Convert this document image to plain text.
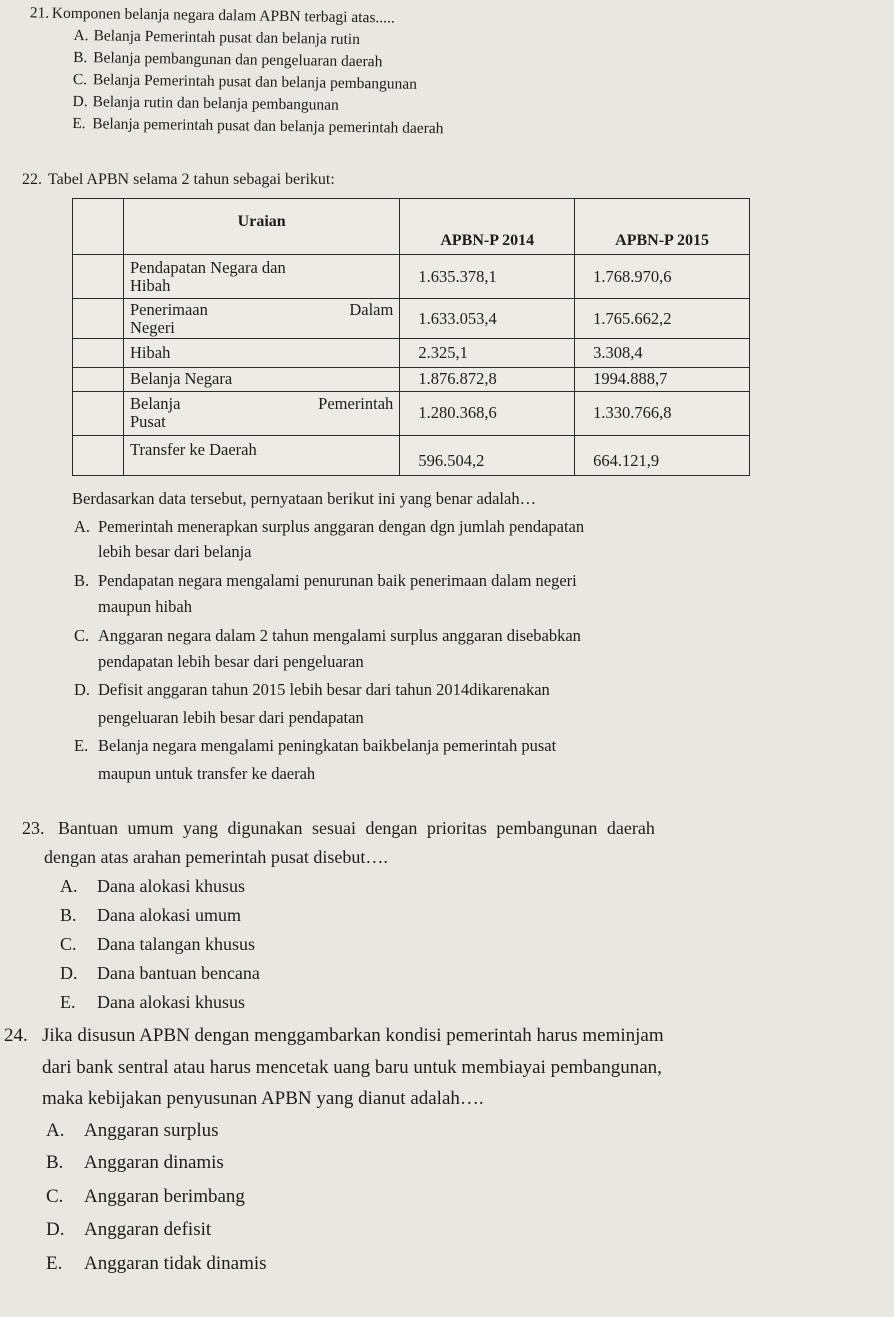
21. Komponen belanja negara dalam APBN terbagi atas.....
A. Belanja Pemerintah pusat dan belanja rutin
B. Belanja pembangunan dan pengeluaran daerah
C. Belanja Pemerintah pusat dan belanja pembangunan
D. Belanja rutin dan belanja pembangunan
E. Belanja pemerintah pusat dan belanja pemerintah daerah
22. Tabel APBN selama 2 tahun sebagai berikut:
	Uraian	APBN-P 2014	APBN-P 2015

	Pendapatan Negara dan
Hibah	1.635.378,1	1.768.970,6

	Penerimaan Dalam
Negeri	1.633.053,4	1.765.662,2
	Hibah	2.325,1	3.308,4
	Belanja Negara	1.876.872,8	1994.888,7

	Belanja Pemerintah
Pusat	1.280.368,6	1.330.766,8
	Transfer ke Daerah	596.504,2	664.121,9
Berdasarkan data tersebut, pernyataan berikut ini yang benar adalah…
A. Pemerintah menerapkan surplus anggaran dengan dgn jumlah pendapatan
lebih besar dari belanja
B. Pendapatan negara mengalami penurunan baik penerimaan dalam negeri
maupun hibah
C. Anggaran negara dalam 2 tahun mengalami surplus anggaran disebabkan
pendapatan lebih besar dari pengeluaran
D. Defisit anggaran tahun 2015 lebih besar dari tahun 2014dikarenakan
pengeluaran lebih besar dari pendapatan
E. Belanja negara mengalami peningkatan baikbelanja pemerintah pusat
maupun untuk transfer ke daerah
23. Bantuan umum yang digunakan sesuai dengan prioritas pembangunan daerah
dengan atas arahan pemerintah pusat disebut….
A. Dana alokasi khusus
B. Dana alokasi umum
C. Dana talangan khusus
D. Dana bantuan bencana
E. Dana alokasi khusus
24. Jika disusun APBN dengan menggambarkan kondisi pemerintah harus meminjam
dari bank sentral atau harus mencetak uang baru untuk membiayai pembangunan,
maka kebijakan penyusunan APBN yang dianut adalah….
A. Anggaran surplus
B. Anggaran dinamis
C. Anggaran berimbang
D. Anggaran defisit
E. Anggaran tidak dinamis
